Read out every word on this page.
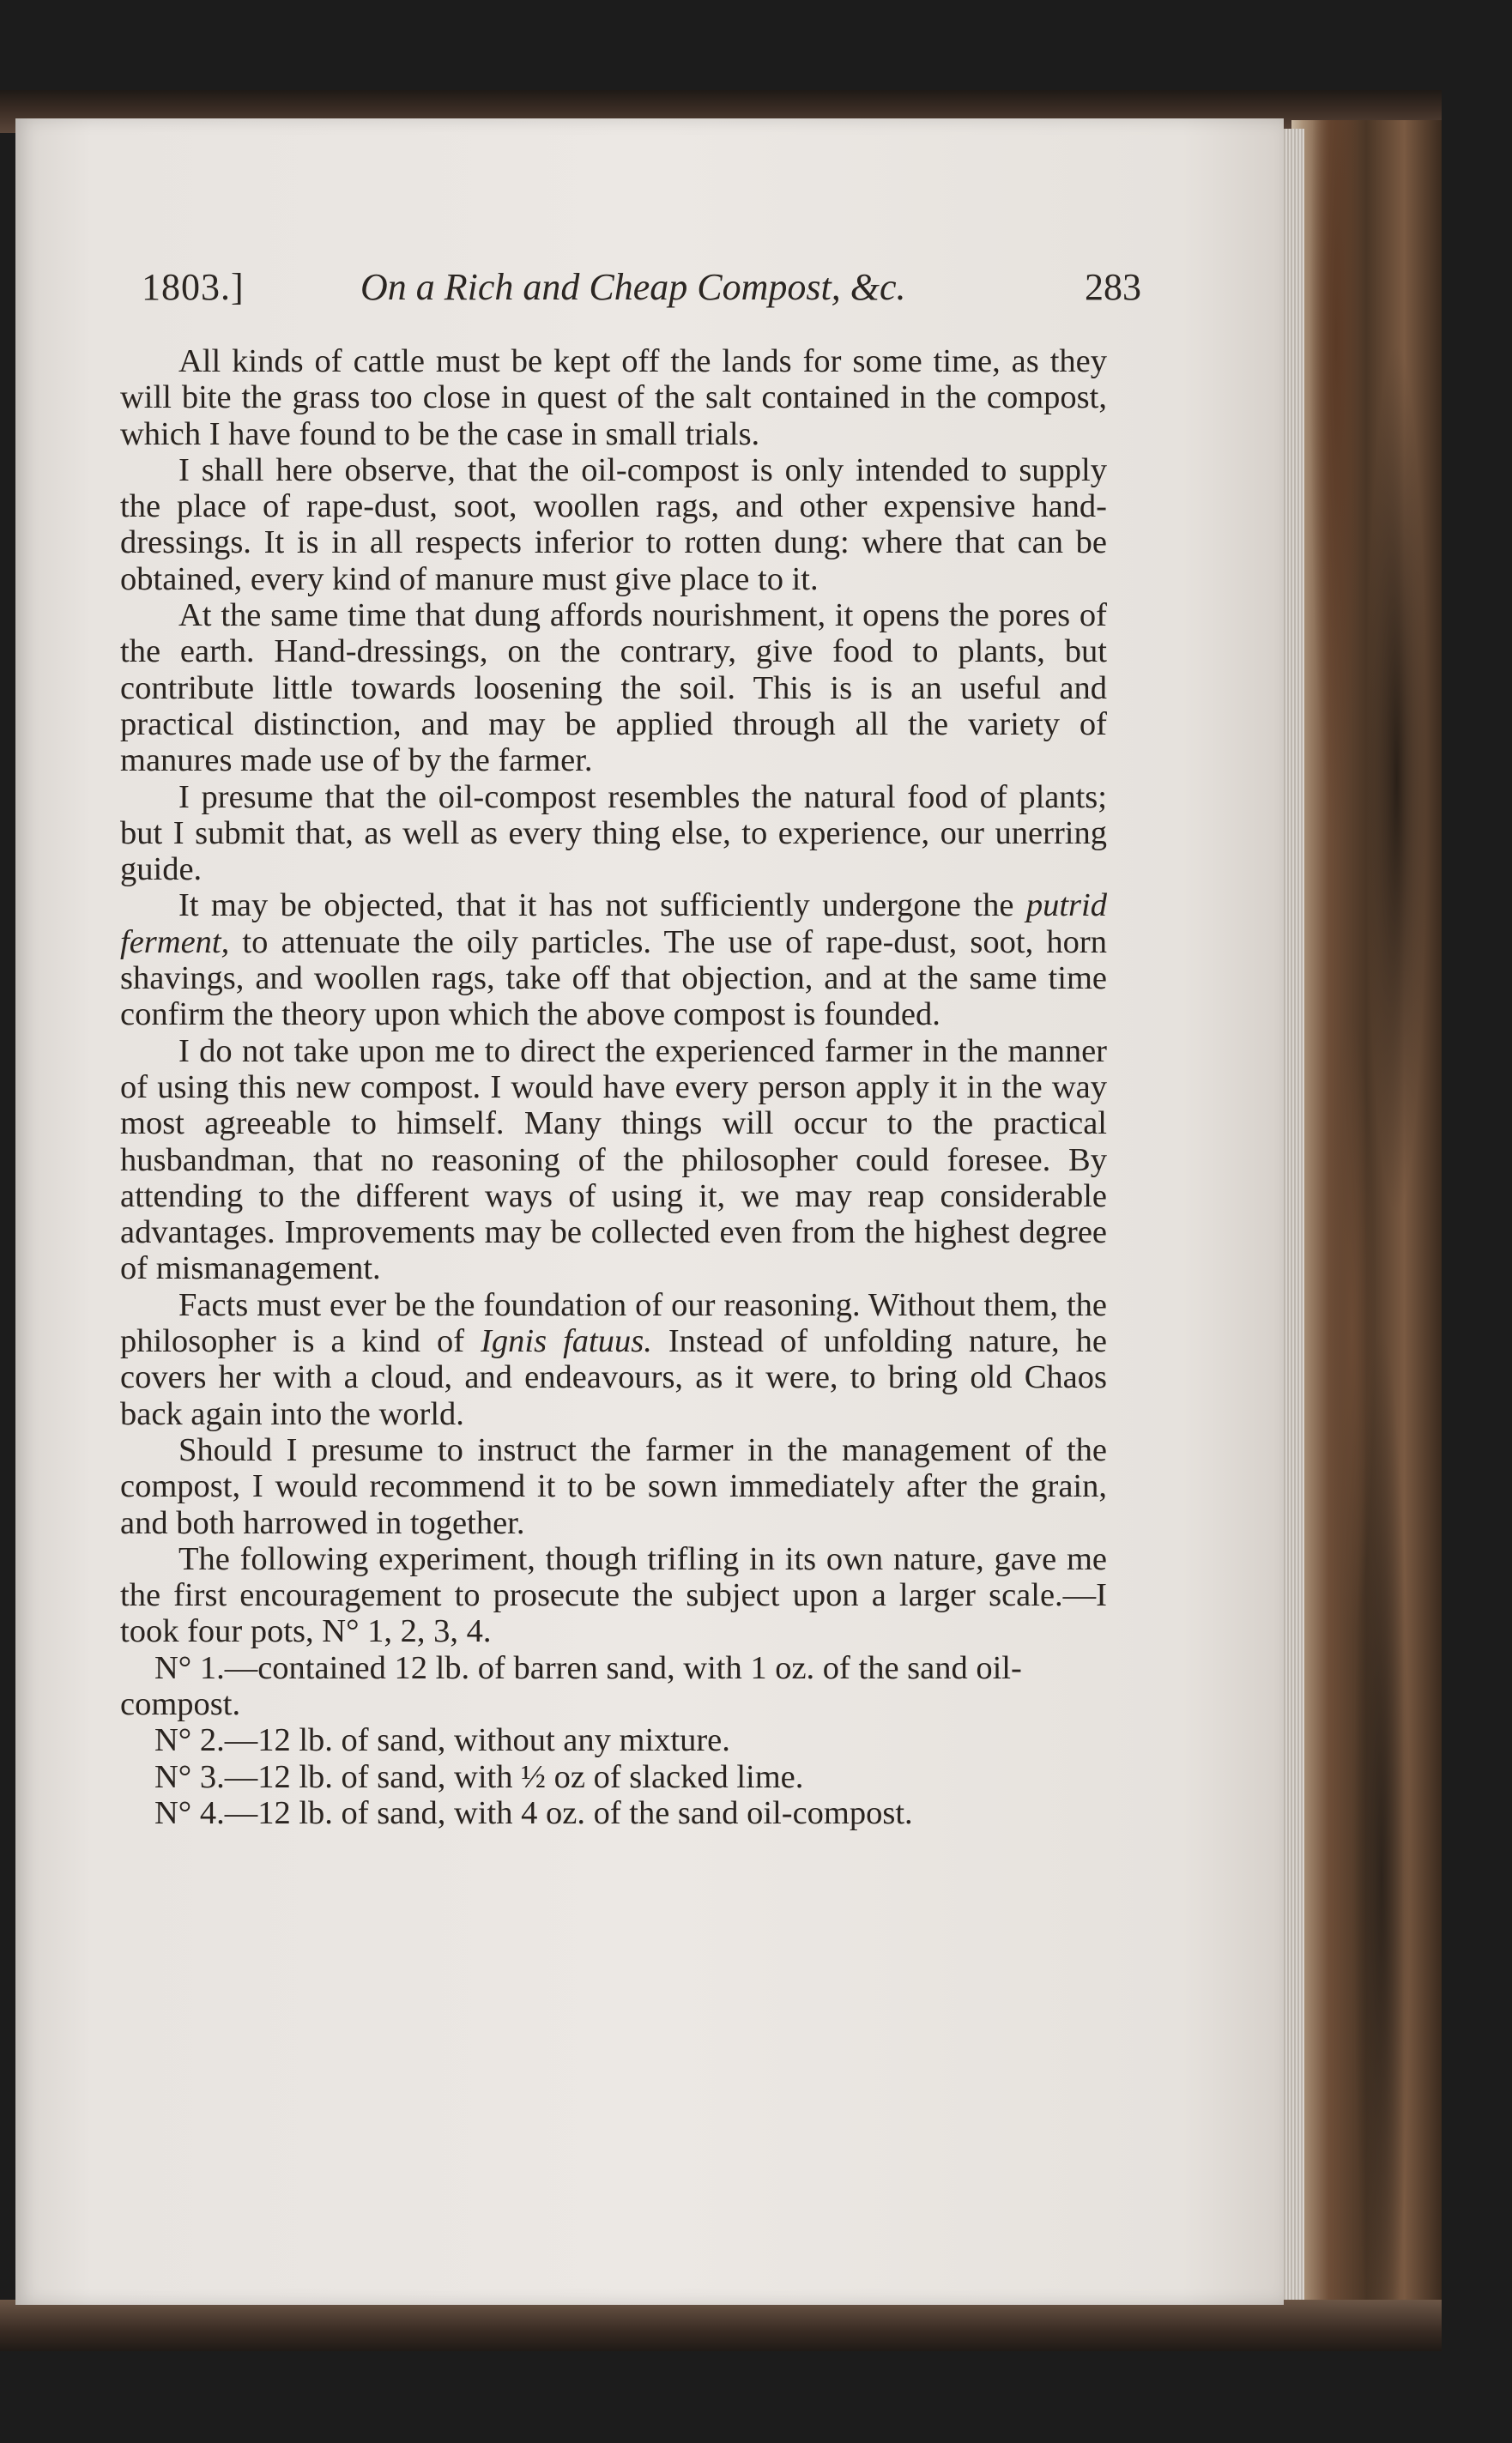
1803.]	On a Rich and Cheap Compost, &c.	283

All kinds of cattle must be kept off the lands for some time, as they will bite the grass too close in quest of the salt contained in the compost, which I have found to be the case in small trials.

I shall here observe, that the oil-compost is only intended to supply the place of rape-dust, soot, woollen rags, and other expensive hand-dressings. It is in all respects inferior to rotten dung: where that can be obtained, every kind of manure must give place to it.

At the same time that dung affords nourishment, it opens the pores of the earth. Hand-dressings, on the contrary, give food to plants, but contribute little towards loosening the soil. This is is an useful and practical distinction, and may be applied through all the variety of manures made use of by the farmer.

I presume that the oil-compost resembles the natural food of plants; but I submit that, as well as every thing else, to experience, our unerring guide.

It may be objected, that it has not sufficiently undergone the putrid ferment, to attenuate the oily particles. The use of rape-dust, soot, horn shavings, and woollen rags, take off that objection, and at the same time confirm the theory upon which the above compost is founded.

I do not take upon me to direct the experienced farmer in the manner of using this new compost. I would have every person apply it in the way most agreeable to himself. Many things will occur to the practical husbandman, that no reasoning of the philosopher could foresee. By attending to the different ways of using it, we may reap considerable advantages. Improvements may be collected even from the highest degree of mismanagement.

Facts must ever be the foundation of our reasoning. Without them, the philosopher is a kind of Ignis fatuus. Instead of unfolding nature, he covers her with a cloud, and endeavours, as it were, to bring old Chaos back again into the world.

Should I presume to instruct the farmer in the management of the compost, I would recommend it to be sown immediately after the grain, and both harrowed in together.

The following experiment, though trifling in its own nature, gave me the first encouragement to prosecute the subject upon a larger scale.—I took four pots, N° 1, 2, 3, 4.

N° 1.—contained 12 lb. of barren sand, with 1 oz. of the sand oil-compost.

N° 2.—12 lb. of sand, without any mixture.

N° 3.—12 lb. of sand, with ½ oz of slacked lime.

N° 4.—12 lb. of sand, with 4 oz. of the sand oil-compost.
